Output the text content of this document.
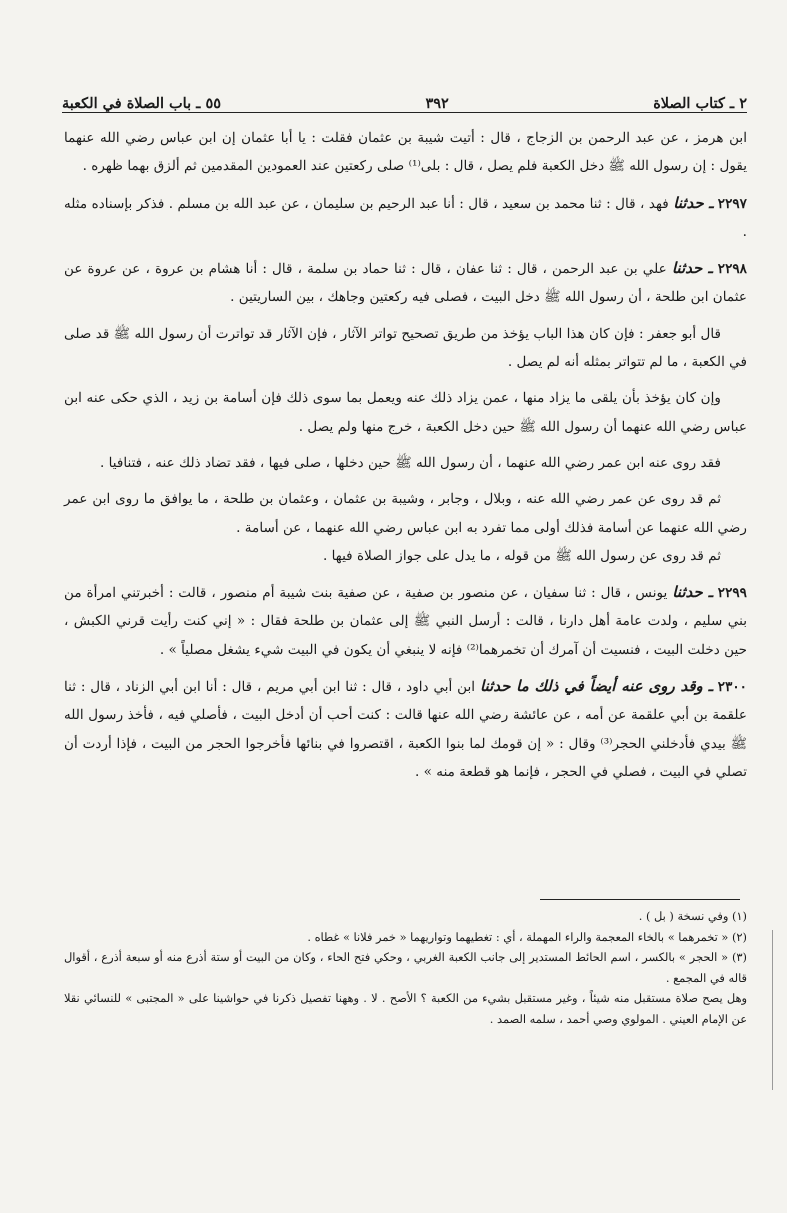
٢ ـ كتاب الصلاة
٣٩٢
٥٥ ـ باب الصلاة في الكعبة

ابن هرمز ، عن عبد الرحمن بن الزجاج ، قال : أتيت شيبة بن عثمان فقلت : يا أبا عثمان إن ابن عباس رضي الله عنهما يقول : إن رسول الله ﷺ دخل الكعبة فلم يصل ، قال : بلى⁽¹⁾ صلى ركعتين عند العمودين المقدمين ثم ألزق بهما ظهره .

٢٢٩٧ ـ حدثنا فهد ، قال : ثنا محمد بن سعيد ، قال : أنا عبد الرحيم بن سليمان ، عن عبد الله بن مسلم . فذكر بإسناده مثله .

٢٢٩٨ ـ حدثنا علي بن عبد الرحمن ، قال : ثنا عفان ، قال : ثنا حماد بن سلمة ، قال : أنا هشام بن عروة ، عن عروة عن عثمان ابن طلحة ، أن رسول الله ﷺ دخل البيت ، فصلى فيه ركعتين وجاهك ، بين الساريتين .

قال أبو جعفر : فإن كان هذا الباب يؤخذ من طريق تصحيح تواتر الآثار ، فإن الآثار قد تواترت أن رسول الله ﷺ قد صلى في الكعبة ، ما لم تتواتر بمثله أنه لم يصل .

وإن كان يؤخذ بأن يلقى ما يزاد منها ، عمن يزاد ذلك عنه ويعمل بما سوى ذلك فإن أسامة بن زيد ، الذي حكى عنه ابن عباس رضي الله عنهما أن رسول الله ﷺ حين دخل الكعبة ، خرج منها ولم يصل .

فقد روى عنه ابن عمر رضي الله عنهما ، أن رسول الله ﷺ حين دخلها ، صلى فيها ، فقد تضاد ذلك عنه ، فتنافيا .

ثم قد روى عن عمر رضي الله عنه ، وبلال ، وجابر ، وشيبة بن عثمان ، وعثمان بن طلحة ، ما يوافق ما روى ابن عمر رضي الله عنهما عن أسامة فذلك أولى مما تفرد به ابن عباس رضي الله عنهما ، عن أسامة .

ثم قد روى عن رسول الله ﷺ من قوله ، ما يدل على جواز الصلاة فيها .

٢٢٩٩ ـ حدثنا يونس ، قال : ثنا سفيان ، عن منصور بن صفية ، عن صفية بنت شيبة أم منصور ، قالت : أخبرتني امرأة من بني سليم ، ولدت عامة أهل دارنا ، قالت : أرسل النبي ﷺ إلى عثمان بن طلحة فقال : « إني كنت رأيت قرني الكبش ، حين دخلت البيت ، فنسيت أن آمرك أن تخمرهما⁽²⁾ فإنه لا ينبغي أن يكون في البيت شيء يشغل مصلياً » .

٢٣٠٠ ـ وقد روى عنه أيضاً في ذلك ما حدثنا ابن أبي داود ، قال : ثنا ابن أبي مريم ، قال : أنا ابن أبي الزناد ، قال : ثنا علقمة بن أبي علقمة عن أمه ، عن عائشة رضي الله عنها قالت : كنت أحب أن أدخل البيت ، فأصلي فيه ، فأخذ رسول الله ﷺ بيدي فأدخلني الحجر⁽³⁾ وقال : « إن قومك لما بنوا الكعبة ، اقتصروا في بنائها فأخرجوا الحجر من البيت ، فإذا أردت أن تصلي في البيت ، فصلي في الحجر ، فإنما هو قطعة منه » .

(١) وفي نسخة ( بل ) .

(٢) « تخمرهما » بالخاء المعجمة والراء المهملة ، أي : تغطيهما وتواريهما « خمر فلانا » غطاه .

(٣) « الحجر » بالكسر ، اسم الحائط المستدير إلى جانب الكعبة الغربي ، وحكي فتح الحاء ، وكان من البيت أو ستة أذرع منه أو سبعة أذرع ، أقوال قاله في المجمع .

وهل يصح صلاة مستقبل منه شيئاً ، وغير مستقبل بشيء من الكعبة ؟ الأصح . لا . وههنا تفصيل ذكرنا في حواشينا على « المجتبى » للنسائي نقلا عن الإمام العيني . المولوي وصي أحمد ، سلمه الصمد .
